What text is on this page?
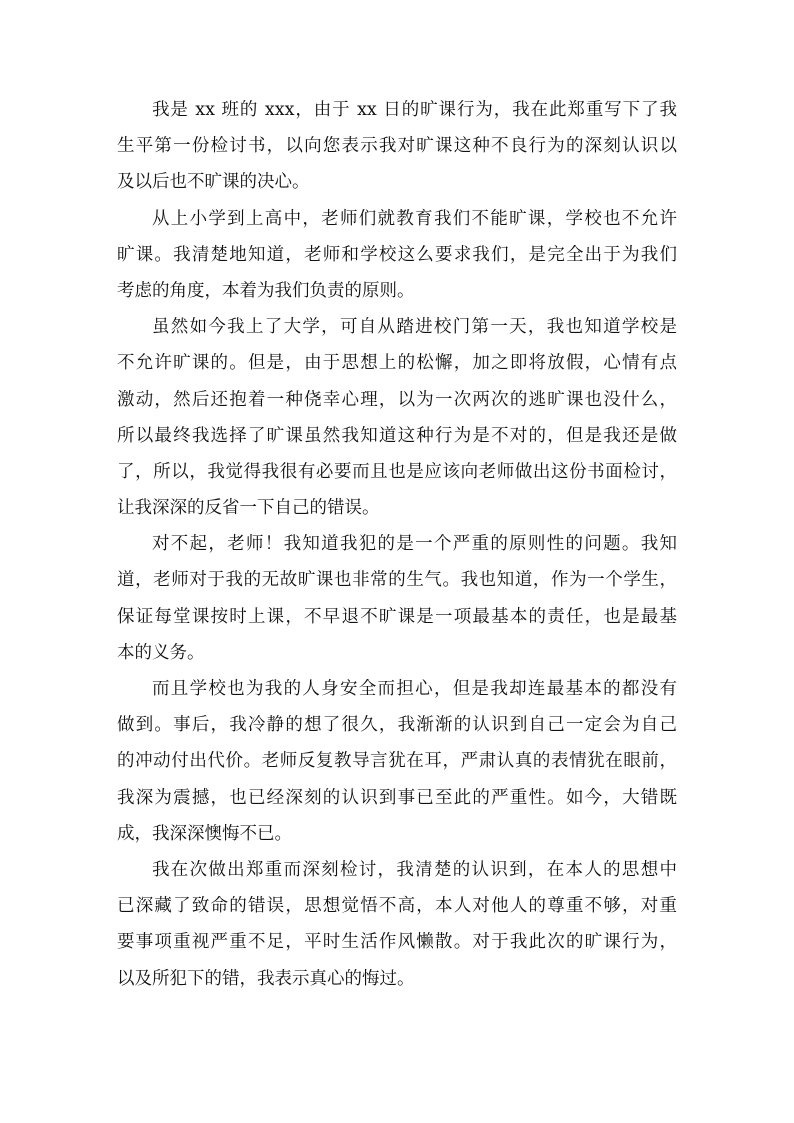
我是 xx 班的 xxx，由于 xx 日的旷课行为，我在此郑重写下了我
生平第一份检讨书，以向您表示我对旷课这种不良行为的深刻认识以
及以后也不旷课的决心。
从上小学到上高中，老师们就教育我们不能旷课，学校也不允许
旷课。我清楚地知道，老师和学校这么要求我们，是完全出于为我们
考虑的角度，本着为我们负责的原则。
虽然如今我上了大学，可自从踏进校门第一天，我也知道学校是
不允许旷课的。但是，由于思想上的松懈，加之即将放假，心情有点
激动，然后还抱着一种侥幸心理，以为一次两次的逃旷课也没什么，
所以最终我选择了旷课虽然我知道这种行为是不对的，但是我还是做
了，所以，我觉得我很有必要而且也是应该向老师做出这份书面检讨，
让我深深的反省一下自己的错误。
对不起，老师！我知道我犯的是一个严重的原则性的问题。我知
道，老师对于我的无故旷课也非常的生气。我也知道，作为一个学生，
保证每堂课按时上课，不早退不旷课是一项最基本的责任，也是最基
本的义务。
而且学校也为我的人身安全而担心，但是我却连最基本的都没有
做到。事后，我冷静的想了很久，我渐渐的认识到自己一定会为自己
的冲动付出代价。老师反复教导言犹在耳，严肃认真的表情犹在眼前，
我深为震撼，也已经深刻的认识到事已至此的严重性。如今，大错既
成，我深深懊悔不已。
我在次做出郑重而深刻检讨，我清楚的认识到，在本人的思想中
已深藏了致命的错误，思想觉悟不高，本人对他人的尊重不够，对重
要事项重视严重不足，平时生活作风懒散。对于我此次的旷课行为，
以及所犯下的错，我表示真心的悔过。
